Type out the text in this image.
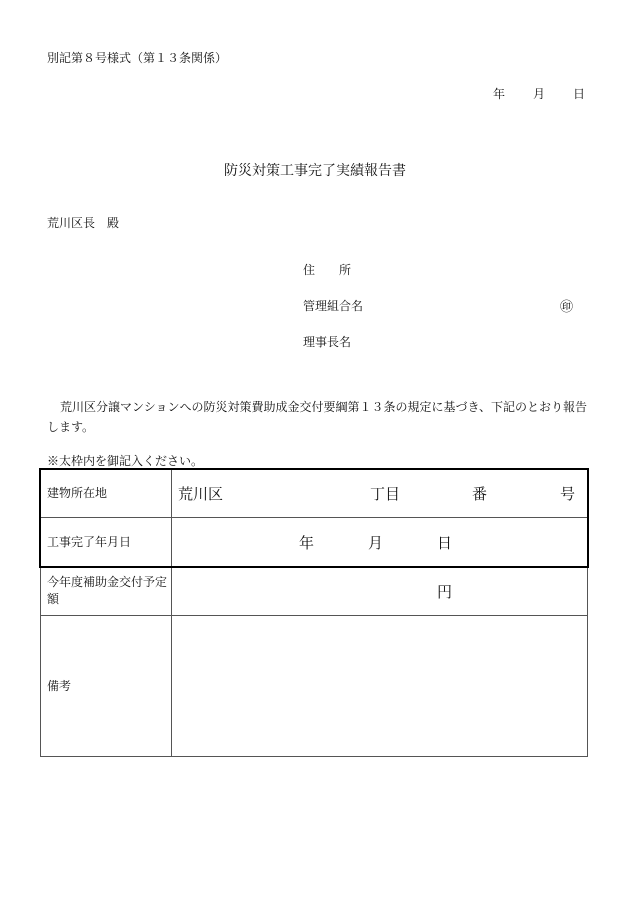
別記第８号様式（第１３条関係）
年 月 日
防災対策工事完了実績報告書
荒川区長　殿
住　　所
管理組合名
理事長名
㊞
荒川区分譲マンションへの防災対策費助成金交付要綱第１３条の規定に基づき、下記のとおり報告します。
※太枠内を御記入ください。
建物所在地	荒川区 丁目 番 号

工事完了年月日	年 月 日

今年度補助金交付予定額	円

備考	
